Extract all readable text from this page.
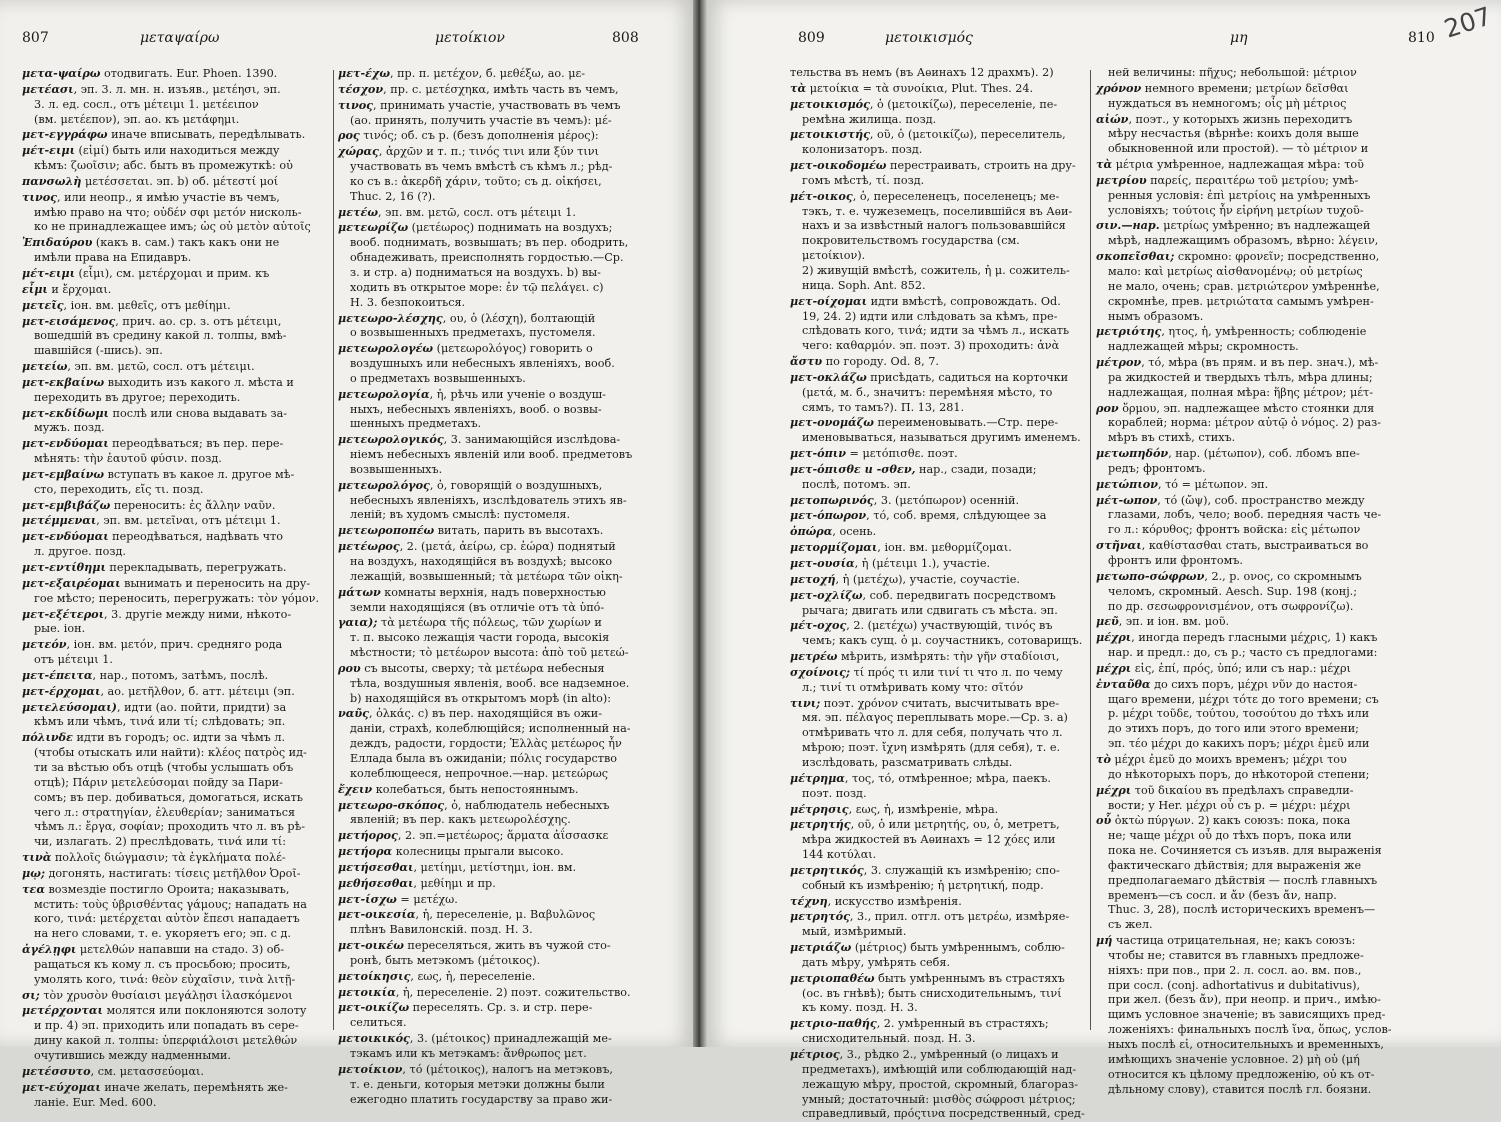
807	μεταψαίρω	μετοίκιον	808	809	μετοικισμός	μη	810 207

μετα-ψαίρω отодвигать. Eur. Phoen. 1390.

μετέασι, эп. 3. л. мн. н. изъяв., μετέησι, эп.

3. л. ед. сосл., отъ μέτειμι 1. μετέειπον

(вм. μετέεπον), эп. ао. къ μετάφημι.

μετ-εγγράφω иначе вписывать, передѣлывать.

μέτ-ειμι (εἰμί) быть или находиться между

кѣмъ: ζωοῖσιν; абс. быть въ промежуткѣ: οὐ

πανσωλὴ μετέσσεται. эп. b) об. μέτεστί μοί

τινος, или неопр., я имѣю участіе въ чемъ,

имѣю право на что; οὐδέν σφι μετόν нисколь-

ко не принадлежащее имъ; ὡς οὐ μετὸν αὐτοῖς

Ἐπιδαύρου (какъ в. сам.) такъ какъ они не

имѣли права на Епидавръ.

μέτ-ειμι (εἶμι), см. μετέρχομαι и прим. къ

εἶμι и ἔρχομαι.

μετεῖς, іон. вм. μεθεῖς, отъ μεθίημι.

μετ-εισάμενος, прич. ао. ср. з. отъ μέτειμι,

вошедшій въ средину какой л. толпы, вмѣ-

шавшійся (-шись). эп.

μετείω, эп. вм. μετῶ, сосл. отъ μέτειμι.

μετ-εκβαίνω выходить изъ какого л. мѣста и

переходить въ другое; переходить.

μετ-εκδίδωμι послѣ или снова выдавать за-

мужъ. позд.

μετ-ενδύομαι переодѣваться; въ пер. пере-

мѣнять: τὴν ἑαυτοῦ φύσιν. позд.

μετ-εμβαίνω вступать въ какое л. другое мѣ-

сто, переходить, εἴς τι. позд.

μετ-εμβιβάζω переносить: ἐς ἄλλην ναῦν.

μετέμμεναι, эп. вм. μετεῖναι, отъ μέτειμι 1.

μετ-ενδύομαι переодѣваться, надѣвать что

л. другое. позд.

μετ-εντίθημι перекладывать, перегружать.

μετ-εξαιρέομαι вынимать и переносить на дру-

гое мѣсто; переносить, перегружать: τὸν γόμον.

μετ-εξέτεροι, 3. другіе между ними, нѣкото-

рые. іон.

μετεόν, іон. вм. μετόν, прич. средняго рода

отъ μέτειμι 1.

μετ-έπειτα, нар., потомъ, затѣмъ, послѣ.

μετ-έρχομαι, ао. μετῆλθον, б. атт. μέτειμι (эп.

μετελεύσομαι), идти (ао. пойти, придти) за

кѣмъ или чѣмъ, τινά или τί; слѣдовать; эп.

πόλινδε идти въ городъ; ос. идти за чѣмъ л.

(чтобы отыскать или найти): κλέος πατρὸς ид-

ти за вѣстью объ отцѣ (чтобы услышать объ

отцѣ); Πάριν μετελεύσομαι пойду за Пари-

сомъ; въ пер. добиваться, домогаться, искать

чего л.: στρατηγίαν, ἐλευθερίαν; заниматься

чѣмъ л.: ἔργα, σοφίαν; проходить что л. въ рѣ-

чи, излагать. 2) преслѣдовать, τινά или τί:

τινὰ πολλοῖς διώγμασιν; τὰ ἐγκλήματα πολέ-

μῳ; догонять, настигать: τίσεις μετῆλθον Ὀροῖ-

τεα возмездіе постигло Ороита; наказывать,

мстить: τοὺς ὑβρισθέντας γάμους; нападать на

кого, τινά: μετέρχεται αὐτὸν ἔπεσι нападаетъ

на него словами, т. е. укоряетъ его; эп. с д.

ἀγέλῃφι μετελθών напавши на стадо. 3) об-

ращаться къ кому л. съ просьбою; просить,

умолять кого, τινά: θεὸν εὐχαῖσιν, τινὰ λιτῇ-

σι; τὸν χρυσὸν θυσίαισι μεγάλῃσι ἱλασκόμενοι

μετέρχονται молятся или поклоняются золоту

и пр. 4) эп. приходить или попадать въ сере-

дину какой л. толпы: ὑπερφιάλοισι μετελθών

очутившись между надменными.

μετέσσυτο, см. μετασσεύομαι.

μετ-εύχομαι иначе желать, перемѣнять же-

ланіе. Eur. Med. 600.

μετ-έχω, пр. п. μετέχον, б. μεθέξω, ао. με-

τέσχον, пр. с. μετέσχηκα, имѣть часть въ чемъ,

τινος, принимать участіе, участвовать въ чемъ

(ао. принять, получить участіе въ чемъ): μέ-

ρος τινός; об. съ р. (безъ дополненія μέρος):

χώρας, ἀρχῶν и т. п.; τινός τινι или ξύν τινι

участвовать въ чемъ вмѣстѣ съ кѣмъ л.; рѣд-

ко съ в.: ἀκερδῆ χάριν, τοῦτο; съ д. οἰκήσει,

Thuc. 2, 16 (?).

μετέω, эп. вм. μετῶ, сосл. отъ μέτειμι 1.

μετεωρίζω (μετέωρος) поднимать на воздухъ;

вооб. поднимать, возвышать; въ пер. ободрить,

обнадеживать, преисполнять гордостью.—Ср.

з. и стр. а) подниматься на воздухъ. b) вы-

ходить въ открытое море: ἐν τῷ πελάγει. с)

Н. 3. безпокоиться.

μετεωρο-λέσχης, ου, ὁ (λέσχη), болтающій

о возвышенныхъ предметахъ, пустомеля.

μετεωρολογέω (μετεωρολόγος) говорить о

воздушныхъ или небесныхъ явленіяхъ, вооб.

о предметахъ возвышенныхъ.

μετεωρολογία, ἡ, рѣчь или ученіе о воздуш-

ныхъ, небесныхъ явленіяхъ, вооб. о возвы-

шенныхъ предметахъ.

μετεωρολογικός, 3. занимающійся изслѣдова-

ніемъ небесныхъ явленій или вооб. предметовъ

возвышенныхъ.

μετεωρολόγος, ὁ, говорящій о воздушныхъ,

небесныхъ явленіяхъ, изслѣдователь этихъ яв-

леній; въ худомъ смыслѣ: пустомеля.

μετεωροποπέω витать, парить въ высотахъ.

μετέωρος, 2. (μετά, ἀείρω, ср. ἑώρα) поднятый

на воздухъ, находящійся въ воздухѣ; высоко

лежащій, возвышенный; τὰ μετέωρα τῶν οἰκη-

μάτων комнаты верхнія, надъ поверхностью

земли находящіяся (въ отличіе отъ τὰ ὑπό-

γαια); τὰ μετέωρα τῆς πόλεως, τῶν χωρίων и

т. п. высоко лежащія части города, высокія

мѣстности; τὸ μετέωρον высота: ἀπὸ τοῦ μετεώ-

ρου съ высоты, сверху; τὰ μετέωρα небесныя

тѣла, воздушныя явленія, вооб. все надземное.

b) находящійся въ открытомъ морѣ (in alto):

ναῦς, ὁλκάς. с) въ пер. находящійся въ ожи-

даніи, страхѣ, колеблющійся; исполненный на-

деждъ, радости, гордости; Ἑλλὰς μετέωρος ἦν

Еллада была въ ожиданіи; πόλις государство

колеблющееся, непрочное.—нар. μετεώρως

ἔχειν колебаться, быть непостояннымъ.

μετεωρο-σκόπος, ὁ, наблюдатель небесныхъ

явленій; въ пер. какъ μετεωρολέσχης.

μετήορος, 2. эп.=μετέωρος; ἅρματα ἀΐσσασκε

μετήορα колесницы прыгали высоко.

μετήσεσθαι, μετίημι, μετίστημι, іон. вм.

μεθήσεσθαι, μεθίημι и пр.

μετ-ίσχω = μετέχω.

μετ-οικεσία, ἡ, переселеніе, μ. Βαβυλῶνος

плѣнъ Вавилонскій. позд. Н. 3.

μετ-οικέω переселяться, жить въ чужой сто-

ронѣ, быть метэкомъ (μέτοικος).

μετοίκησις, εως, ἡ, переселеніе.

μετοικία, ἡ, переселеніе. 2) поэт. сожительство.

μετ-οικίζω переселять. Ср. з. и стр. пере-

селиться.

μετοικικός, 3. (μέτοικος) принадлежащій ме-

тэкамъ или къ метэкамъ: ἄνθρωπος μετ.

μετοίκιον, τό (μέτοικος), налогъ на метэковъ,

т. е. деньги, которыя метэки должны были

ежегодно платить государству за право жи-

тельства въ немъ (въ Аѳинахъ 12 драхмъ). 2)

τὰ μετοίκια = τὰ συνοίκια, Plut. Thes. 24.

μετοικισμός, ὁ (μετοικίζω), переселеніе, пе-

ремѣна жилища. позд.

μετοικιστής, οῦ, ὁ (μετοικίζω), переселитель,

колонизаторъ. позд.

μετ-οικοδομέω перестраивать, строить на дру-

гомъ мѣстѣ, τί. позд.

μέτ-οικος, ὁ, переселенецъ, поселенецъ; ме-

тэкъ, т. е. чужеземецъ, поселившійся въ Аѳи-

нахъ и за извѣстный налогъ пользовавшійся

покровительствомъ государства (см. μετοίκιον).

2) живущій вмѣстѣ, сожитель, ἡ μ. сожитель-

ница. Soph. Ant. 852.

μετ-οίχομαι идти вмѣстѣ, сопровождать. Od.

19, 24. 2) идти или слѣдовать за кѣмъ, пре-

слѣдовать кого, τινά; идти за чѣмъ л., искать

чего: καθαρμόν. эп. поэт. 3) проходить: ἀνὰ

ἄστυ по городу. Od. 8, 7.

μετ-οκλάζω присѣдать, садиться на корточки

(μετά, м. б., значитъ: перемѣняя мѣсто, то

сямъ, то тамъ?). П. 13, 281.

μετ-ονομάζω переименовывать.—Стр. пере-

именовываться, называться другимъ именемъ.

μετ-όπιν = μετόπισθε. поэт.

μετ-όπισθε и -σθεν, нар., сзади, позади;

послѣ, потомъ. эп.

μετοπωρινός, 3. (μετόπωρον) осенній.

μετ-όπωρον, τό, соб. время, слѣдующее за

ὀπώρα, осень.

μετορμίζομαι, іон. вм. μεθορμίζομαι.

μετ-ουσία, ἡ (μέτειμι 1.), участіе.

μετοχή, ἡ (μετέχω), участіе, соучастіе.

μετ-οχλίζω, соб. передвигать посредствомъ

рычага; двигать или сдвигать съ мѣста. эп.

μέτ-οχος, 2. (μετέχω) участвующій, τινός въ

чемъ; какъ сущ. ὁ μ. соучастникъ, сотоварищъ.

μετρέω мѣрить, измѣрять: τὴν γῆν σταδίοισι,

σχοίνοις; τί πρός τι или τινί τι что л. по чему

л.; τινί τι отмѣривать кому что: σῖτόν

τινι; поэт. χρόνον считать, высчитывать вре-

мя. эп. πέλαγος переплывать море.—Ср. з. а)

отмѣривать что л. для себя, получать что л.

мѣрою; поэт. ἴχνη измѣрять (для себя), т. е.

изслѣдовать, разсматривать слѣды.

μέτρημα, τος, τό, отмѣренное; мѣра, паекъ.

поэт. позд.

μέτρησις, εως, ἡ, измѣреніе, мѣра.

μετρητής, οῦ, ὁ или μετρητής, ου, ὁ, метретъ,

мѣра жидкостей въ Аѳинахъ = 12 χόες или

144 κοτύλαι.

μετρητικός, 3. служащій къ измѣренію; спо-

собный къ измѣренію; ἡ μετρητική, подр.

τέχνη, искусство измѣренія.

μετρητός, 3., прил. отгл. отъ μετρέω, измѣряе-

мый, измѣримый.

μετριάζω (μέτριος) быть умѣреннымъ, соблю-

дать мѣру, умѣрять себя.

μετριοπαθέω быть умѣреннымъ въ страстяхъ

(ос. въ гнѣвѣ); быть снисходительнымъ, τινί

къ кому. позд. Н. 3.

μετριο-παθής, 2. умѣренный въ страстяхъ;

снисходительный. позд. Н. 3.

μέτριος, 3., рѣдко 2., умѣренный (о лицахъ и

предметахъ), имѣющій или соблюдающій над-

лежащую мѣру, простой, скромный, благораз-

умный; достаточный: μισθὸς σώφροσι μέτριος;

справедливый, πρόςτινα посредственный, сред-

ней величины: πῆχυς; небольшой: μέτριον

χρόνον немного времени; μετρίων δεῖσθαι

нуждаться въ немногомъ; οἷς μὴ μέτριος

αἰών, поэт., у которыхъ жизнь переходитъ

мѣру несчастья (вѣрнѣе: коихъ доля выше

обыкновенной или простой). — τὸ μέτριον и

τὰ μέτρια умѣренное, надлежащая мѣра: τοῦ

μετρίου παρείς, περαιτέρω τοῦ μετρίου; умѣ-

ренныя условія: ἐπὶ μετρίοις на умѣренныхъ

условіяхъ; τούτοις ἦν εἰρήνη μετρίων τυχοῦ-

σιν.—нар. μετρίως умѣренно; въ надлежащей

мѣрѣ, надлежащимъ образомъ, вѣрно: λέγειν,

σκοπεῖσθαι; скромно: φρονεῖν; посредственно,

мало: καὶ μετρίως αἰσθανομένῳ; οὐ μετρίως

не мало, очень; срав. μετριώτερον умѣреннѣе,

скромнѣе, прев. μετριώτατα самымъ умѣрен-

нымъ образомъ.

μετριότης, ητος, ἡ, умѣренность; соблюденіе

надлежащей мѣры; скромность.

μέτρον, τό, мѣра (въ прям. и въ пер. знач.), мѣ-

ра жидкостей и твердыхъ тѣлъ, мѣра длины;

надлежащая, полная мѣра: ἥβης μέτρον; μέτ-

ρον ὅρμου, эп. надлежащее мѣсто стоянки для

кораблей; норма: μέτρον αὐτῷ ὁ νόμος. 2) раз-

мѣръ въ стихѣ, стихъ.

μετωπηδόν, нар. (μέτωπον), соб. лбомъ впе-

редъ; фронтомъ.

μετώπιον, τό = μέτωπον. эп.

μέτ-ωπον, τό (ὤψ), соб. пространство между

глазами, лобъ, чело; вооб. передняя часть че-

го л.: κόρυθος; фронтъ войска: εἰς μέτωπον

στῆναι, καθίστασθαι стать, выстраиваться во

фронтъ или фронтомъ.

μετωπο-σώφρων, 2., р. ονος, со скромнымъ

челомъ, скромный. Aesch. Sup. 198 (конj.;

по др. σεσωφρονισμένον, отъ σωφρονίζω).

μεῦ, эп. и іон. вм. μοῦ.

μέχρι, иногда передъ гласными μέχρις, 1) какъ

нар. и предл.: до, съ р.; часто съ предлогами:

μέχρι εἰς, ἐπί, πρός, ὑπό; или съ нар.: μέχρι

ἐνταῦθα до сихъ поръ, μέχρι νῦν до настоя-

щаго времени, μέχρι τότε до того времени; съ

р. μέχρι τοῦδε, τούτου, τοσούτου до тѣхъ или

до этихъ поръ, до того или этого времени;

эп. τέο μέχρι до какихъ поръ; μέχρι ἐμεῦ или

τὸ μέχρι ἐμεῦ до моихъ временъ; μέχρι του

до нѣкоторыхъ поръ, до нѣкоторой степени;

μέχρι τοῦ δικαίου въ предѣлахъ справедли-

вости; у Her. μέχρι οὗ съ р. = μέχρι: μέχρι

οὗ ὀκτὼ πύργων. 2) какъ союзъ: пока, пока

не; чаще μέχρι οὗ до тѣхъ поръ, пока или

пока не. Сочиняется съ изъяв. для выраженія

фактическаго дѣйствія; для выраженія же

предполагаемаго дѣйствія — послѣ главныхъ

временъ—съ сосл. и ἄν (безъ ἄν, напр.

Thuc. 3, 28), послѣ историческихъ временъ—

съ жел.

μή частица отрицательная, не; какъ союзъ:

чтобы не; ставится въ главныхъ предложе-

ніяхъ: при пов., при 2. л. сосл. ао. вм. пов.,

при сосл. (conj. adhortativus и dubitativus),

при жел. (безъ ἄν), при неопр. и прич., имѣю-

щимъ условное значеніе; въ зависящихъ пред-

ложеніяхъ: финальныхъ послѣ ἵνα, ὅπως, услов-

ныхъ послѣ εἰ, относительныхъ и временныхъ,

имѣющихъ значеніе условное. 2) μὴ οὐ (μή

относится къ цѣлому предложенію, οὐ къ от-

дѣльному слову), ставится послѣ гл. боязни.
